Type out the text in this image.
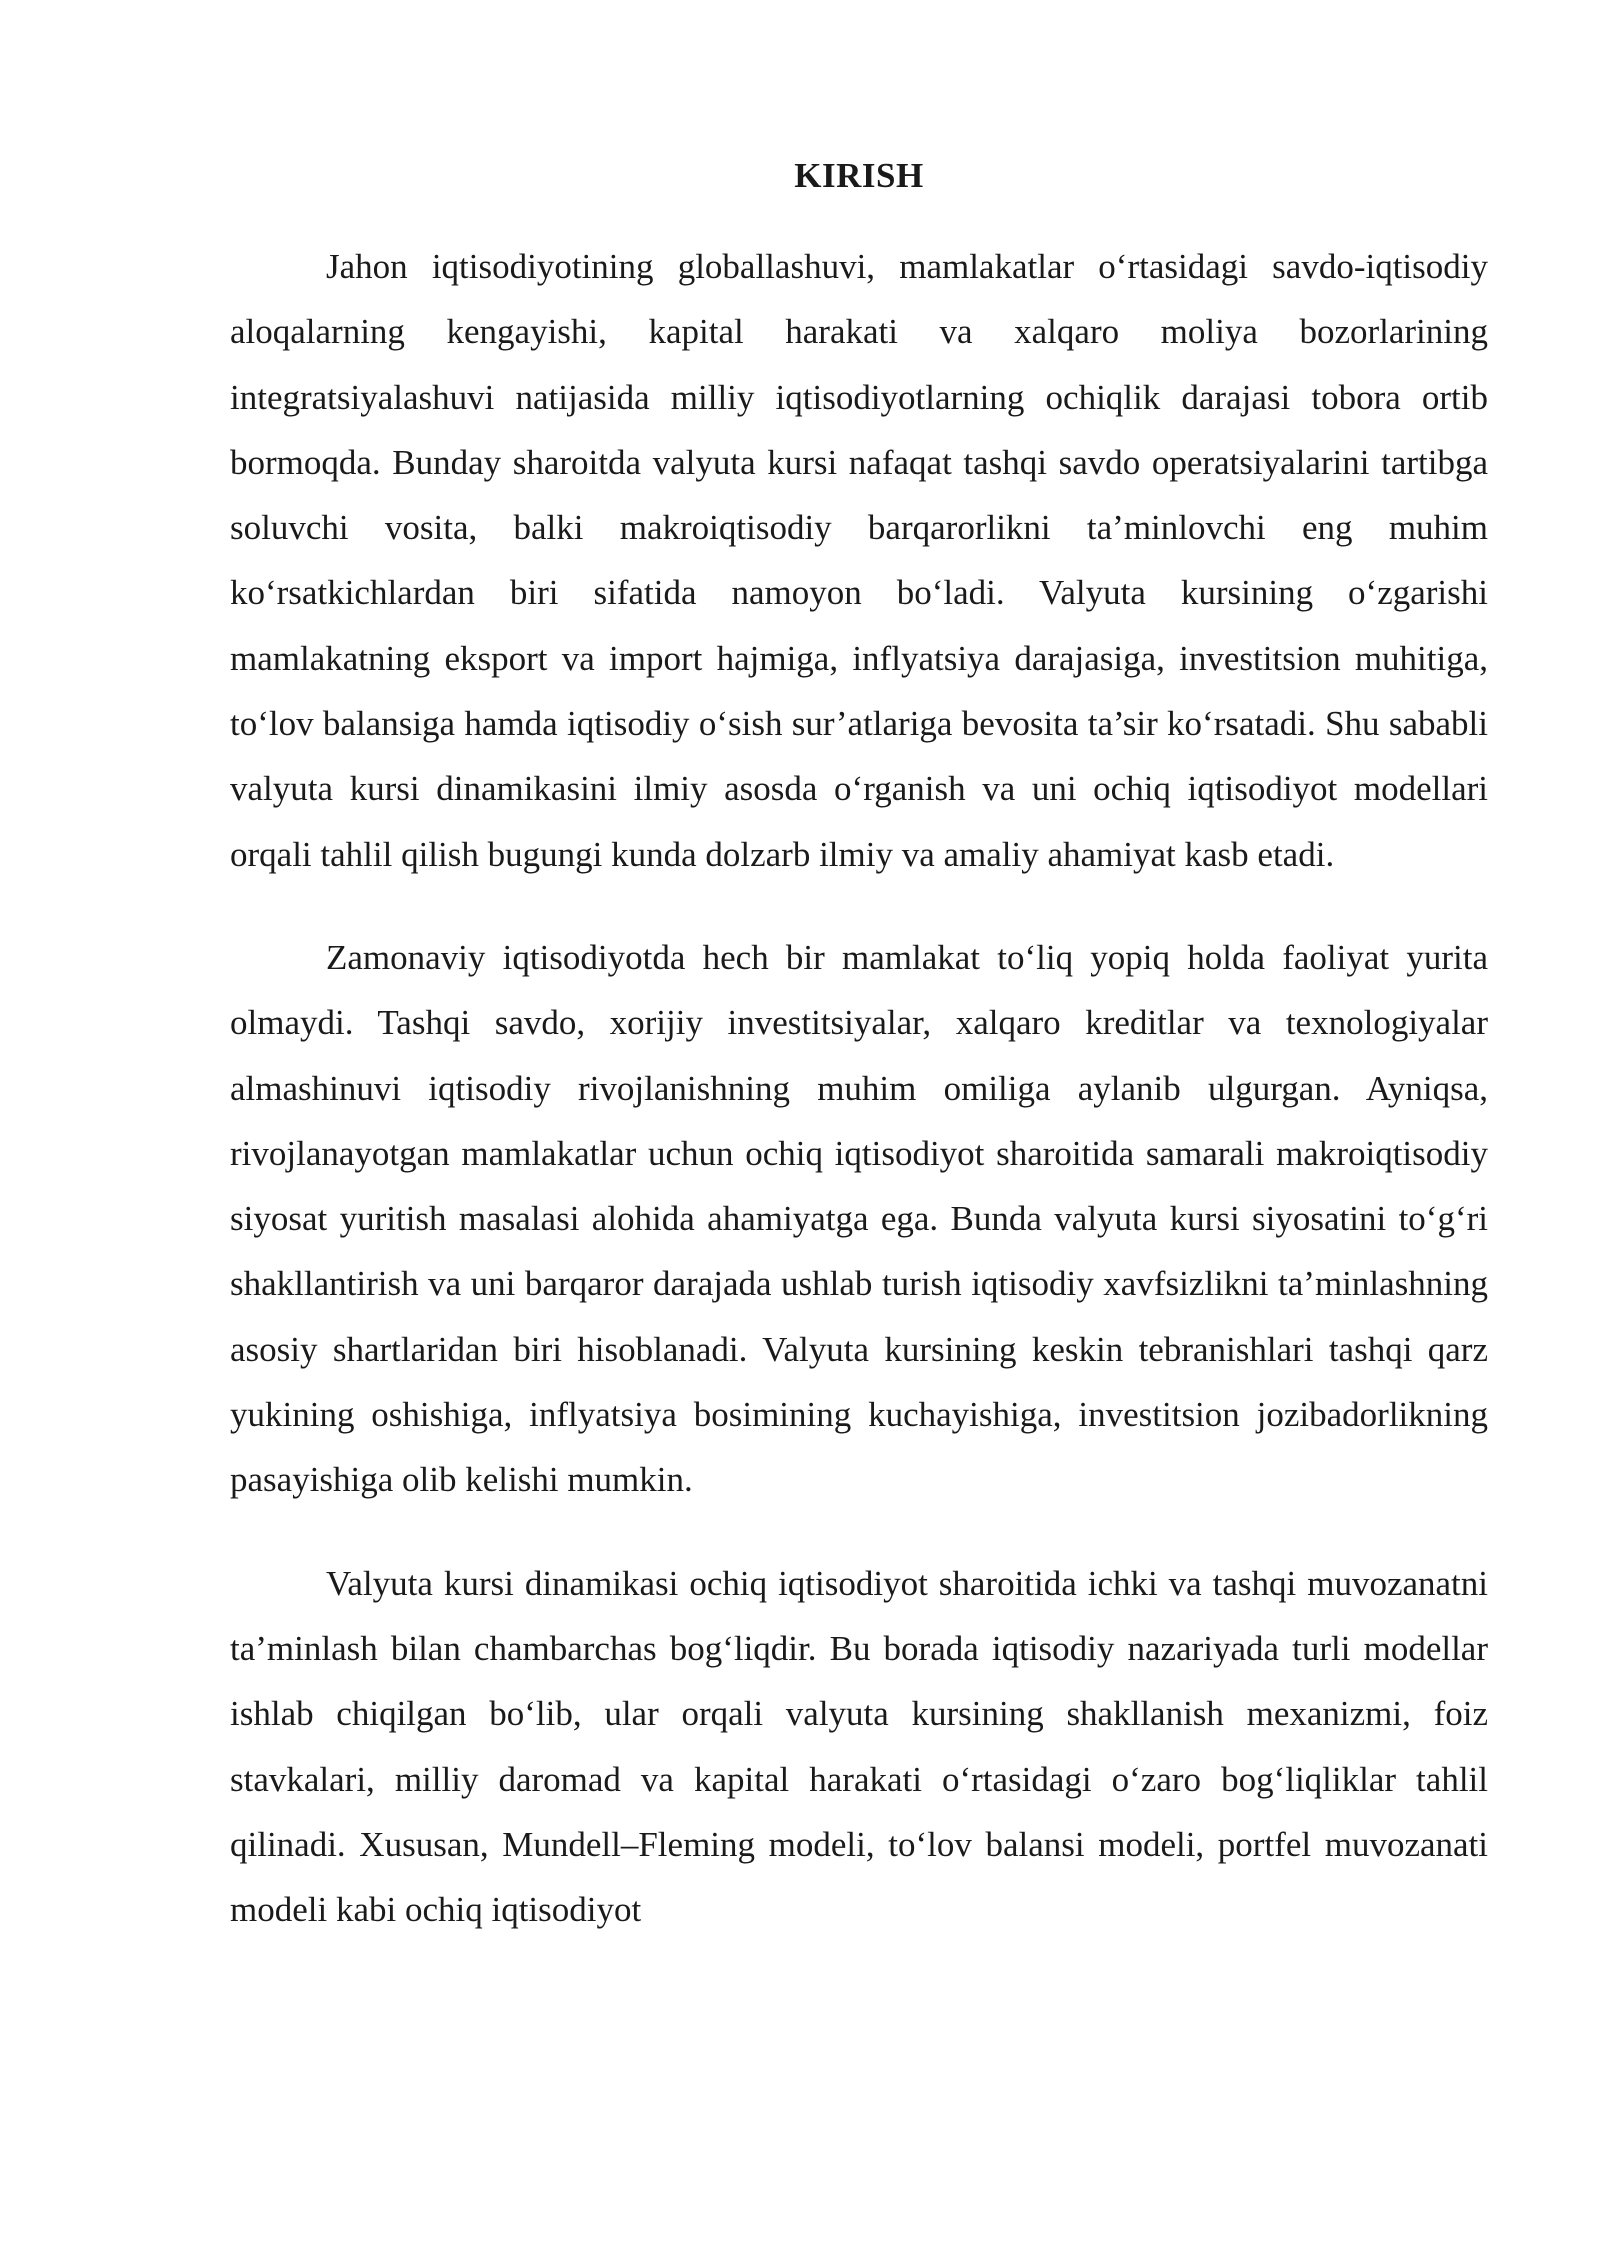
KIRISH

Jahon iqtisodiyotining globallashuvi, mamlakatlar o‘rtasidagi savdo-iqtisodiy aloqalarning kengayishi, kapital harakati va xalqaro moliya bozorlarining integratsiyalashuvi natijasida milliy iqtisodiyotlarning ochiqlik darajasi tobora ortib bormoqda. Bunday sharoitda valyuta kursi nafaqat tashqi savdo operatsiyalarini tartibga soluvchi vosita, balki makroiqtisodiy barqarorlikni ta’minlovchi eng muhim ko‘rsatkichlardan biri sifatida namoyon bo‘ladi. Valyuta kursining o‘zgarishi mamlakatning eksport va import hajmiga, inflyatsiya darajasiga, investitsion muhitiga, to‘lov balansiga hamda iqtisodiy o‘sish sur’atlariga bevosita ta’sir ko‘rsatadi. Shu sababli valyuta kursi dinamikasini ilmiy asosda o‘rganish va uni ochiq iqtisodiyot modellari orqali tahlil qilish bugungi kunda dolzarb ilmiy va amaliy ahamiyat kasb etadi.

Zamonaviy iqtisodiyotda hech bir mamlakat to‘liq yopiq holda faoliyat yurita olmaydi. Tashqi savdo, xorijiy investitsiyalar, xalqaro kreditlar va texnologiyalar almashinuvi iqtisodiy rivojlanishning muhim omiliga aylanib ulgurgan. Ayniqsa, rivojlanayotgan mamlakatlar uchun ochiq iqtisodiyot sharoitida samarali makroiqtisodiy siyosat yuritish masalasi alohida ahamiyatga ega. Bunda valyuta kursi siyosatini to‘g‘ri shakllantirish va uni barqaror darajada ushlab turish iqtisodiy xavfsizlikni ta’minlashning asosiy shartlaridan biri hisoblanadi. Valyuta kursining keskin tebranishlari tashqi qarz yukining oshishiga, inflyatsiya bosimining kuchayishiga, investitsion jozibadorlikning pasayishiga olib kelishi mumkin.

Valyuta kursi dinamikasi ochiq iqtisodiyot sharoitida ichki va tashqi muvozanatni ta’minlash bilan chambarchas bog‘liqdir. Bu borada iqtisodiy nazariyada turli modellar ishlab chiqilgan bo‘lib, ular orqali valyuta kursining shakllanish mexanizmi, foiz stavkalari, milliy daromad va kapital harakati o‘rtasidagi o‘zaro bog‘liqliklar tahlil qilinadi. Xususan, Mundell–Fleming modeli, to‘lov balansi modeli, portfel muvozanati modeli kabi ochiq iqtisodiyot
